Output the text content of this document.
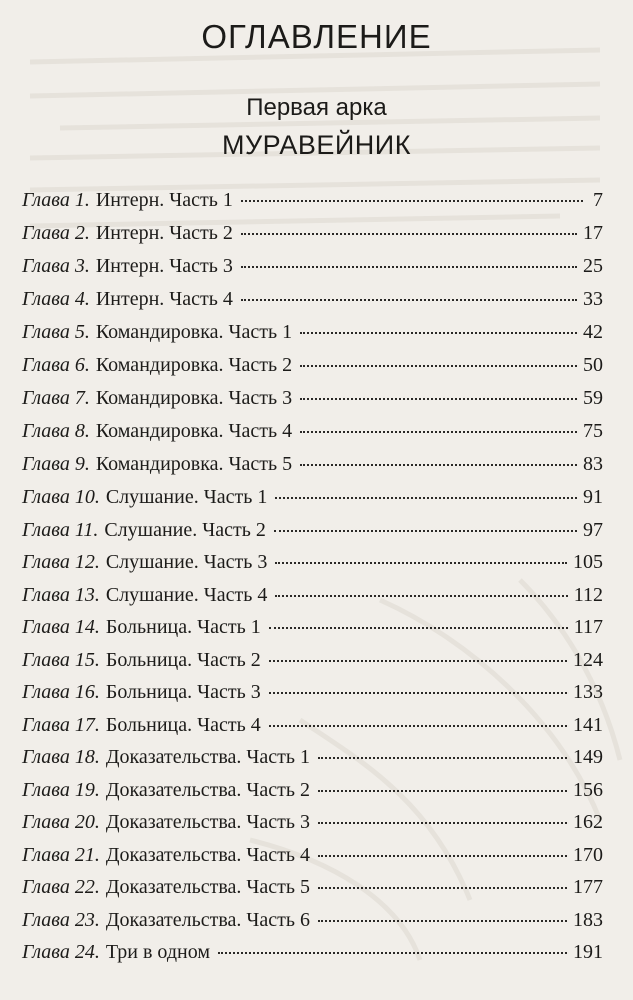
ОГЛАВЛЕНИЕ
Первая арка
МУРАВЕЙНИК
Глава 1. Интерн. Часть 1	7
Глава 2. Интерн. Часть 2	17
Глава 3. Интерн. Часть 3	25
Глава 4. Интерн. Часть 4	33
Глава 5. Командировка. Часть 1	42
Глава 6. Командировка. Часть 2	50
Глава 7. Командировка. Часть 3	59
Глава 8. Командировка. Часть 4	75
Глава 9. Командировка. Часть 5	83
Глава 10. Слушание. Часть 1	91
Глава 11. Слушание. Часть 2	97
Глава 12. Слушание. Часть 3	105
Глава 13. Слушание. Часть 4	112
Глава 14. Больница. Часть 1	117
Глава 15. Больница. Часть 2	124
Глава 16. Больница. Часть 3	133
Глава 17. Больница. Часть 4	141
Глава 18. Доказательства. Часть 1	149
Глава 19. Доказательства. Часть 2	156
Глава 20. Доказательства. Часть 3	162
Глава 21. Доказательства. Часть 4	170
Глава 22. Доказательства. Часть 5	177
Глава 23. Доказательства. Часть 6	183
Глава 24. Три в одном	191
